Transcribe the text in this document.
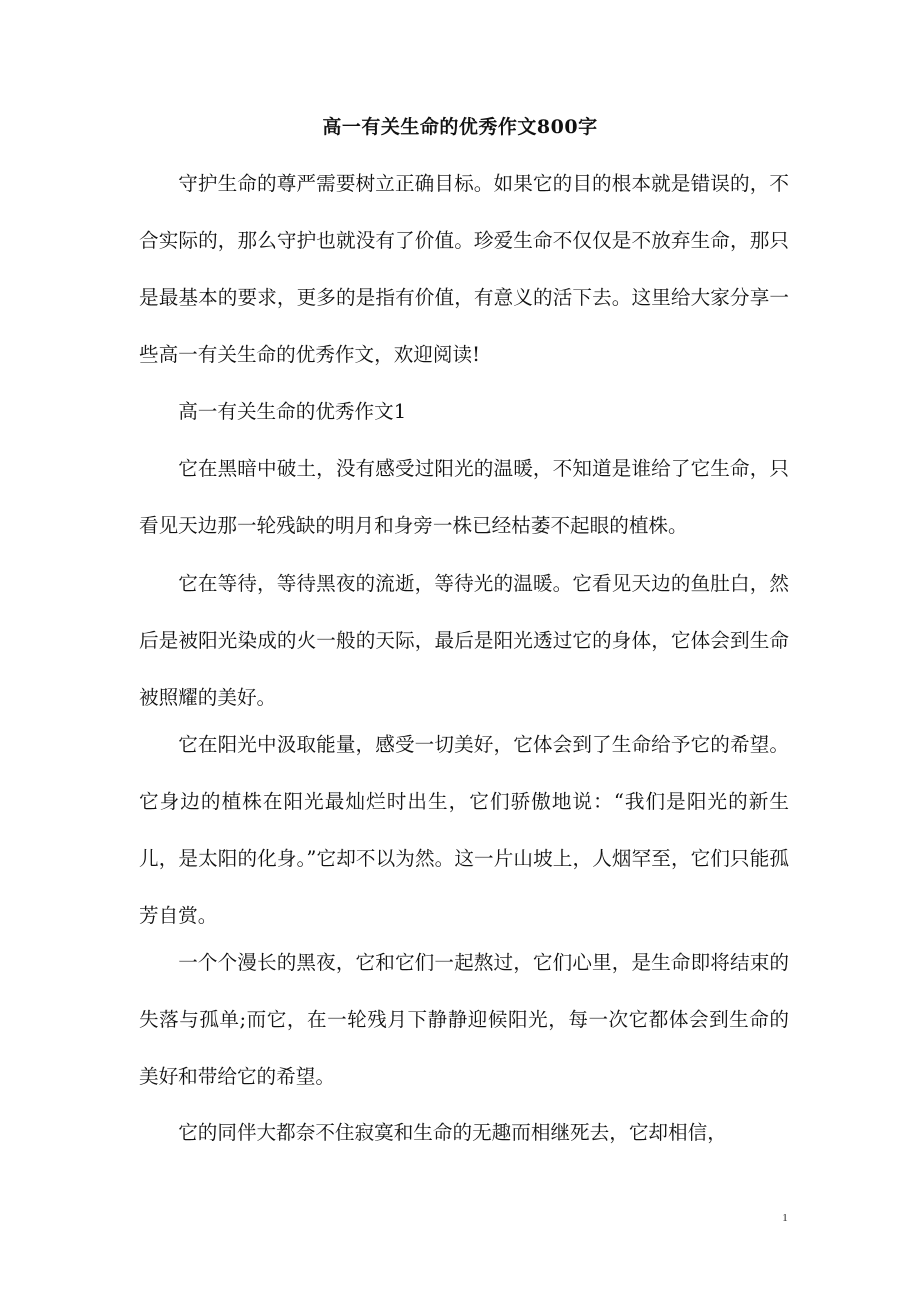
高一有关生命的优秀作文800字

守护生命的尊严需要树立正确目标。如果它的目的根本就是错误的，不合实际的，那么守护也就没有了价值。珍爱生命不仅仅是不放弃生命，那只是最基本的要求，更多的是指有价值，有意义的活下去。这里给大家分享一些高一有关生命的优秀作文，欢迎阅读!

高一有关生命的优秀作文1

它在黑暗中破土，没有感受过阳光的温暖，不知道是谁给了它生命，只看见天边那一轮残缺的明月和身旁一株已经枯萎不起眼的植株。

它在等待，等待黑夜的流逝，等待光的温暖。它看见天边的鱼肚白，然后是被阳光染成的火一般的天际，最后是阳光透过它的身体，它体会到生命被照耀的美好。

它在阳光中汲取能量，感受一切美好，它体会到了生命给予它的希望。它身边的植株在阳光最灿烂时出生，它们骄傲地说：“我们是阳光的新生儿，是太阳的化身。”它却不以为然。这一片山坡上，人烟罕至，它们只能孤芳自赏。

一个个漫长的黑夜，它和它们一起熬过，它们心里，是生命即将结束的失落与孤单;而它，在一轮残月下静静迎候阳光，每一次它都体会到生命的美好和带给它的希望。

它的同伴大都奈不住寂寞和生命的无趣而相继死去，它却相信，

1
